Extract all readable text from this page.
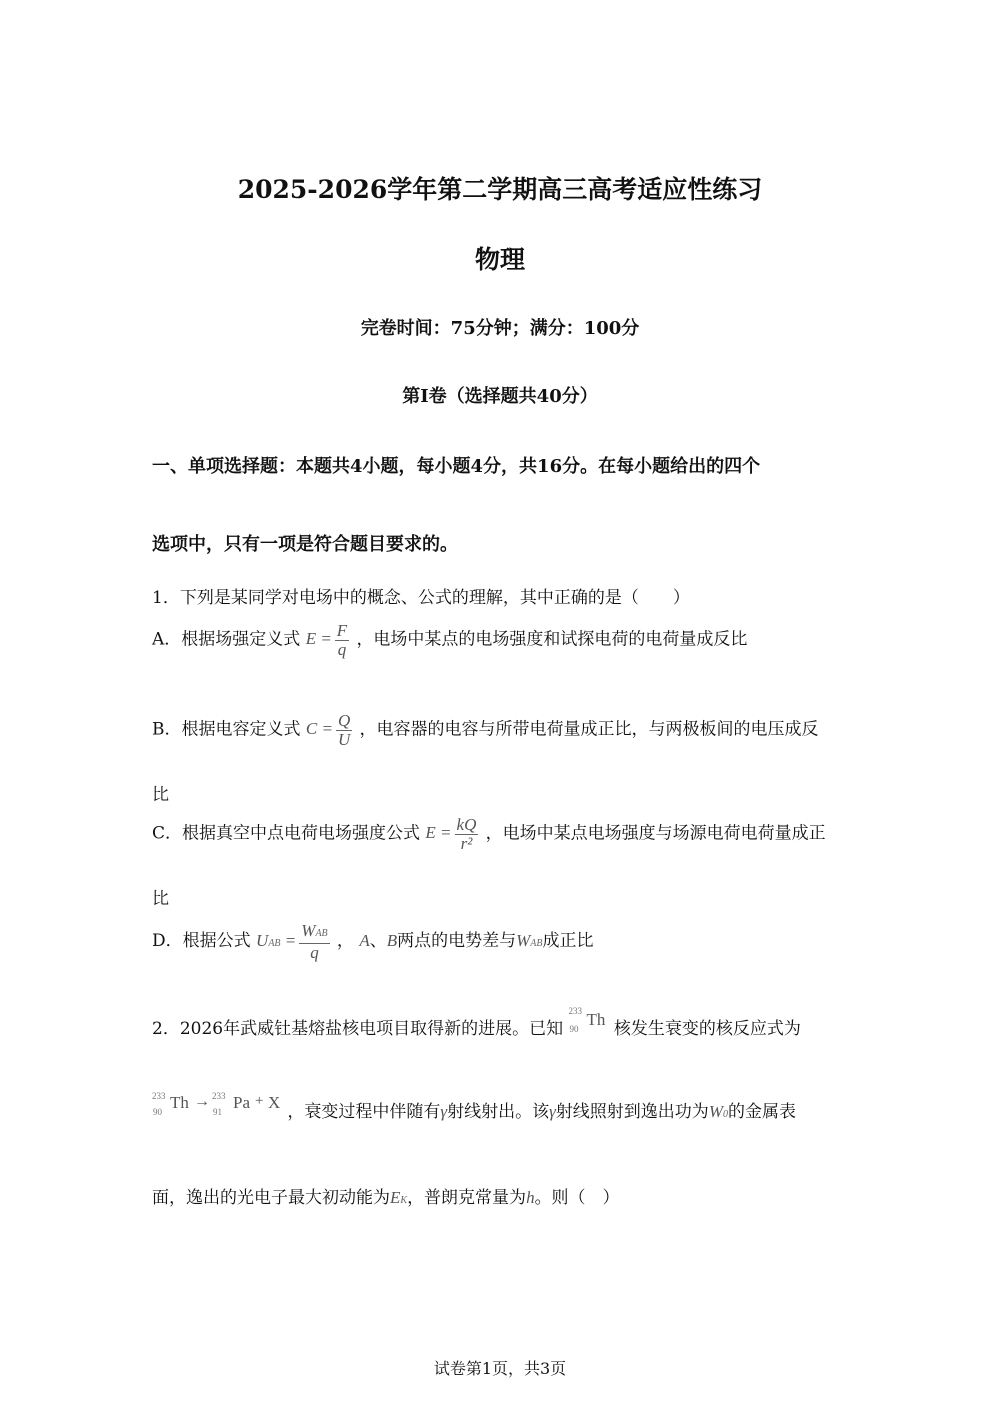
2025-2026学年第二学期高三高考适应性练习
物理
完卷时间：75分钟；满分：100分
第I卷（选择题共40分）
一、单项选择题：本题共4小题，每小题4分，共16分。在每小题给出的四个
选项中，只有一项是符合题目要求的。
1．下列是某同学对电场中的概念、公式的理解，其中正确的是（　　）
A．根据场强定义式 $E = \frac{F}{q}$ ，电场中某点的电场强度和试探电荷的电荷量成反比
B．根据电容定义式 $C = \frac{Q}{U}$ ，电容器的电容与所带电荷量成正比，与两极板间的电压成反
比
C．根据真空中点电荷电场强度公式 $E = \frac{kQ}{\text{r²}}$ ，电场中某点电场强度与场源电荷电荷量成正
比
D．根据公式 UAB = $\frac{\text{WAB}}{q}$ ， A、B两点的电势差与WAB成正比
2．2026年武威钍基熔盐核电项目取得新的进展。已知
233
90 Th 核发生衰变的核反应式为
233
90 Th → 233
91 Pa + X ，衰变过程中伴随有γ射线射出。该γ射线照射到逸出功为W0的金属表
面，逸出的光电子最大初动能为EK，普朗克常量为h。则（　）
试卷第1页，共3页
